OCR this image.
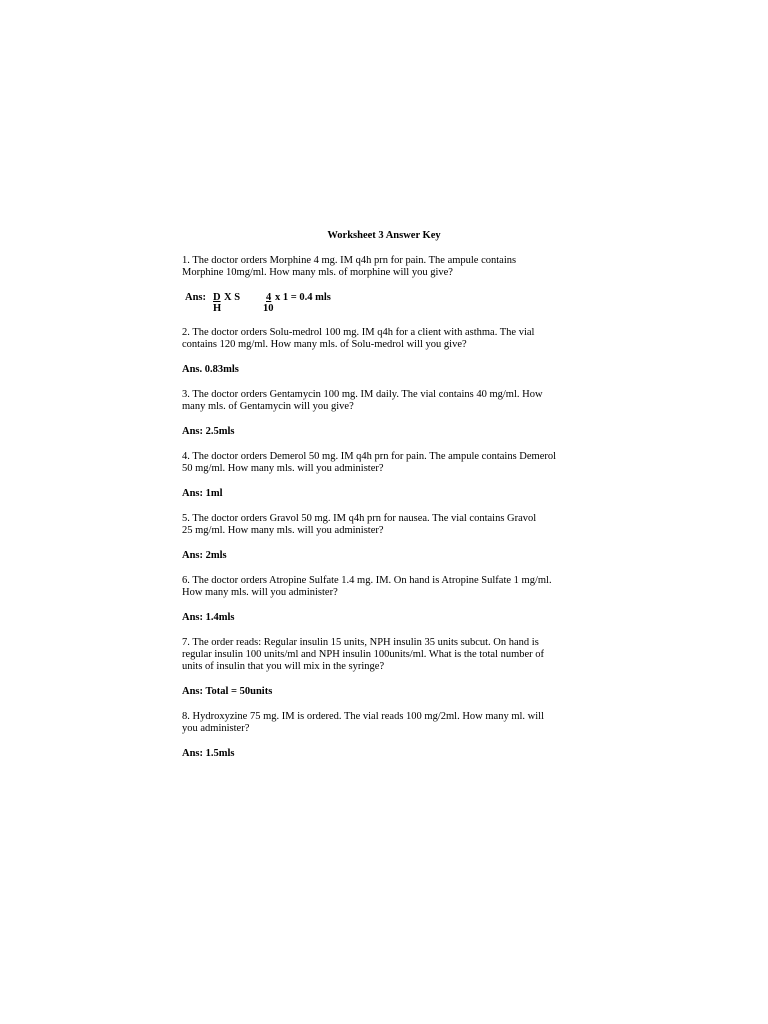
Worksheet 3 Answer Key
1. The doctor orders Morphine 4 mg. IM q4h prn for pain. The ampule contains
Morphine 10mg/ml. How many mls. of morphine will you give?
Ans: D X S
H
4 x 1 = 0.4 mls
10
2. The doctor orders Solu-medrol 100 mg. IM q4h for a client with asthma. The vial
contains 120 mg/ml. How many mls. of Solu-medrol will you give?
Ans. 0.83mls
3. The doctor orders Gentamycin 100 mg. IM daily. The vial contains 40 mg/ml. How
many mls. of Gentamycin will you give?
Ans: 2.5mls
4. The doctor orders Demerol 50 mg. IM q4h prn for pain. The ampule contains Demerol
50 mg/ml. How many mls. will you administer?
Ans: 1ml
5. The doctor orders Gravol 50 mg. IM q4h prn for nausea. The vial contains Gravol
25 mg/ml. How many mls. will you administer?
Ans: 2mls
6. The doctor orders Atropine Sulfate 1.4 mg. IM. On hand is Atropine Sulfate 1 mg/ml.
How many mls. will you administer?
Ans: 1.4mls
7. The order reads: Regular insulin 15 units, NPH insulin 35 units subcut. On hand is
regular insulin 100 units/ml and NPH insulin 100units/ml. What is the total number of
units of insulin that you will mix in the syringe?
Ans: Total = 50units
8. Hydroxyzine 75 mg. IM is ordered. The vial reads 100 mg/2ml. How many ml. will
you administer?
Ans: 1.5mls
